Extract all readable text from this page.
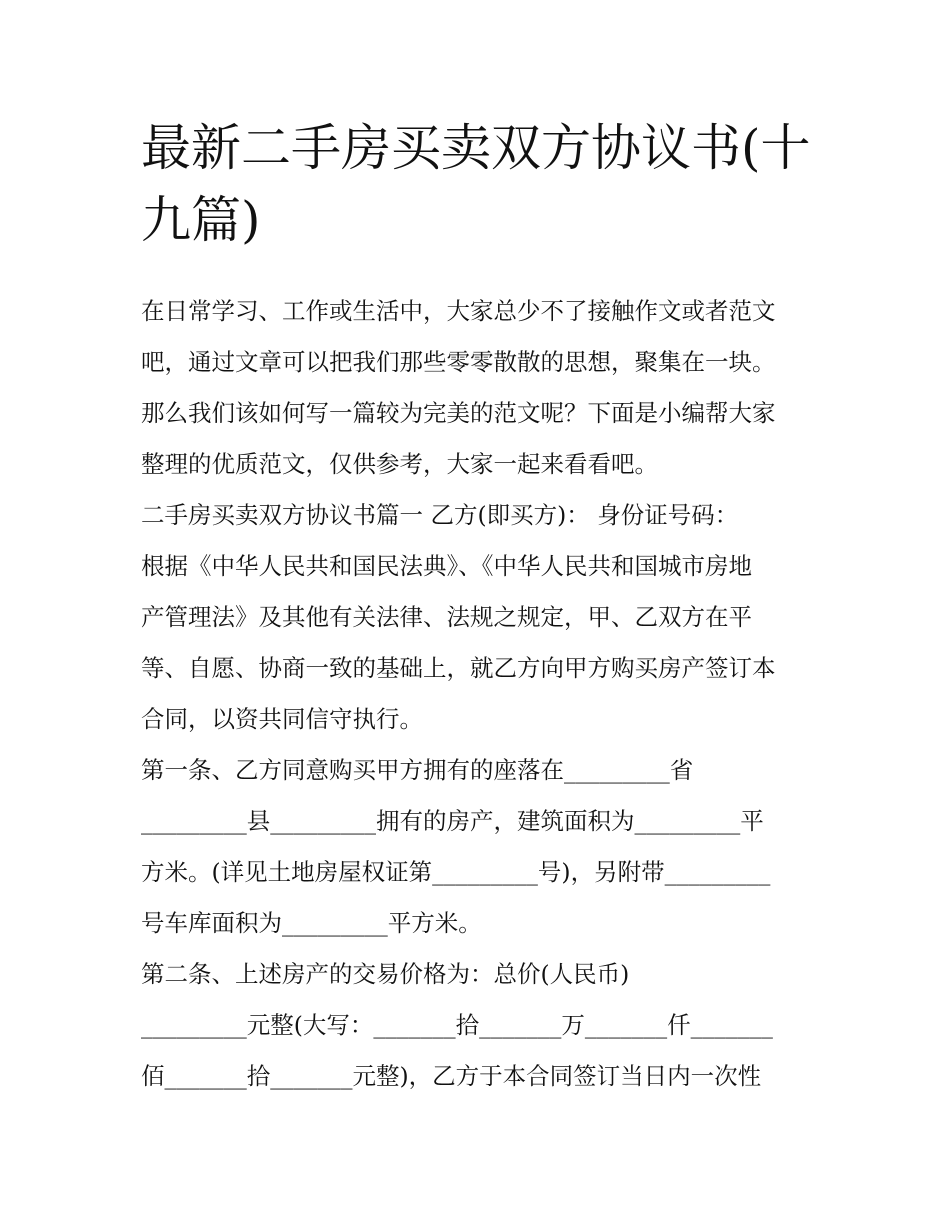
最新二手房买卖双方协议书(十
九篇)

在日常学习、工作或生活中，大家总少不了接触作文或者范文

吧，通过文章可以把我们那些零零散散的思想，聚集在一块。

那么我们该如何写一篇较为完美的范文呢？下面是小编帮大家

整理的优质范文，仅供参考，大家一起来看看吧。

二手房买卖双方协议书篇一 乙方(即买方)： 身份证号码：

根据《中华人民共和国民法典》、《中华人民共和国城市房地

产管理法》及其他有关法律、法规之规定，甲、乙双方在平

等、自愿、协商一致的基础上，就乙方向甲方购买房产签订本

合同，以资共同信守执行。

第一条、乙方同意购买甲方拥有的座落在_________省

_________县_________拥有的房产，建筑面积为_________平

方米。(详见土地房屋权证第_________号)，另附带_________

号车库面积为_________平方米。

第二条、上述房产的交易价格为：总价(人民币)

_________元整(大写：_______拾_______万_______仟_______

佰_______拾_______元整)，乙方于本合同签订当日内一次性
